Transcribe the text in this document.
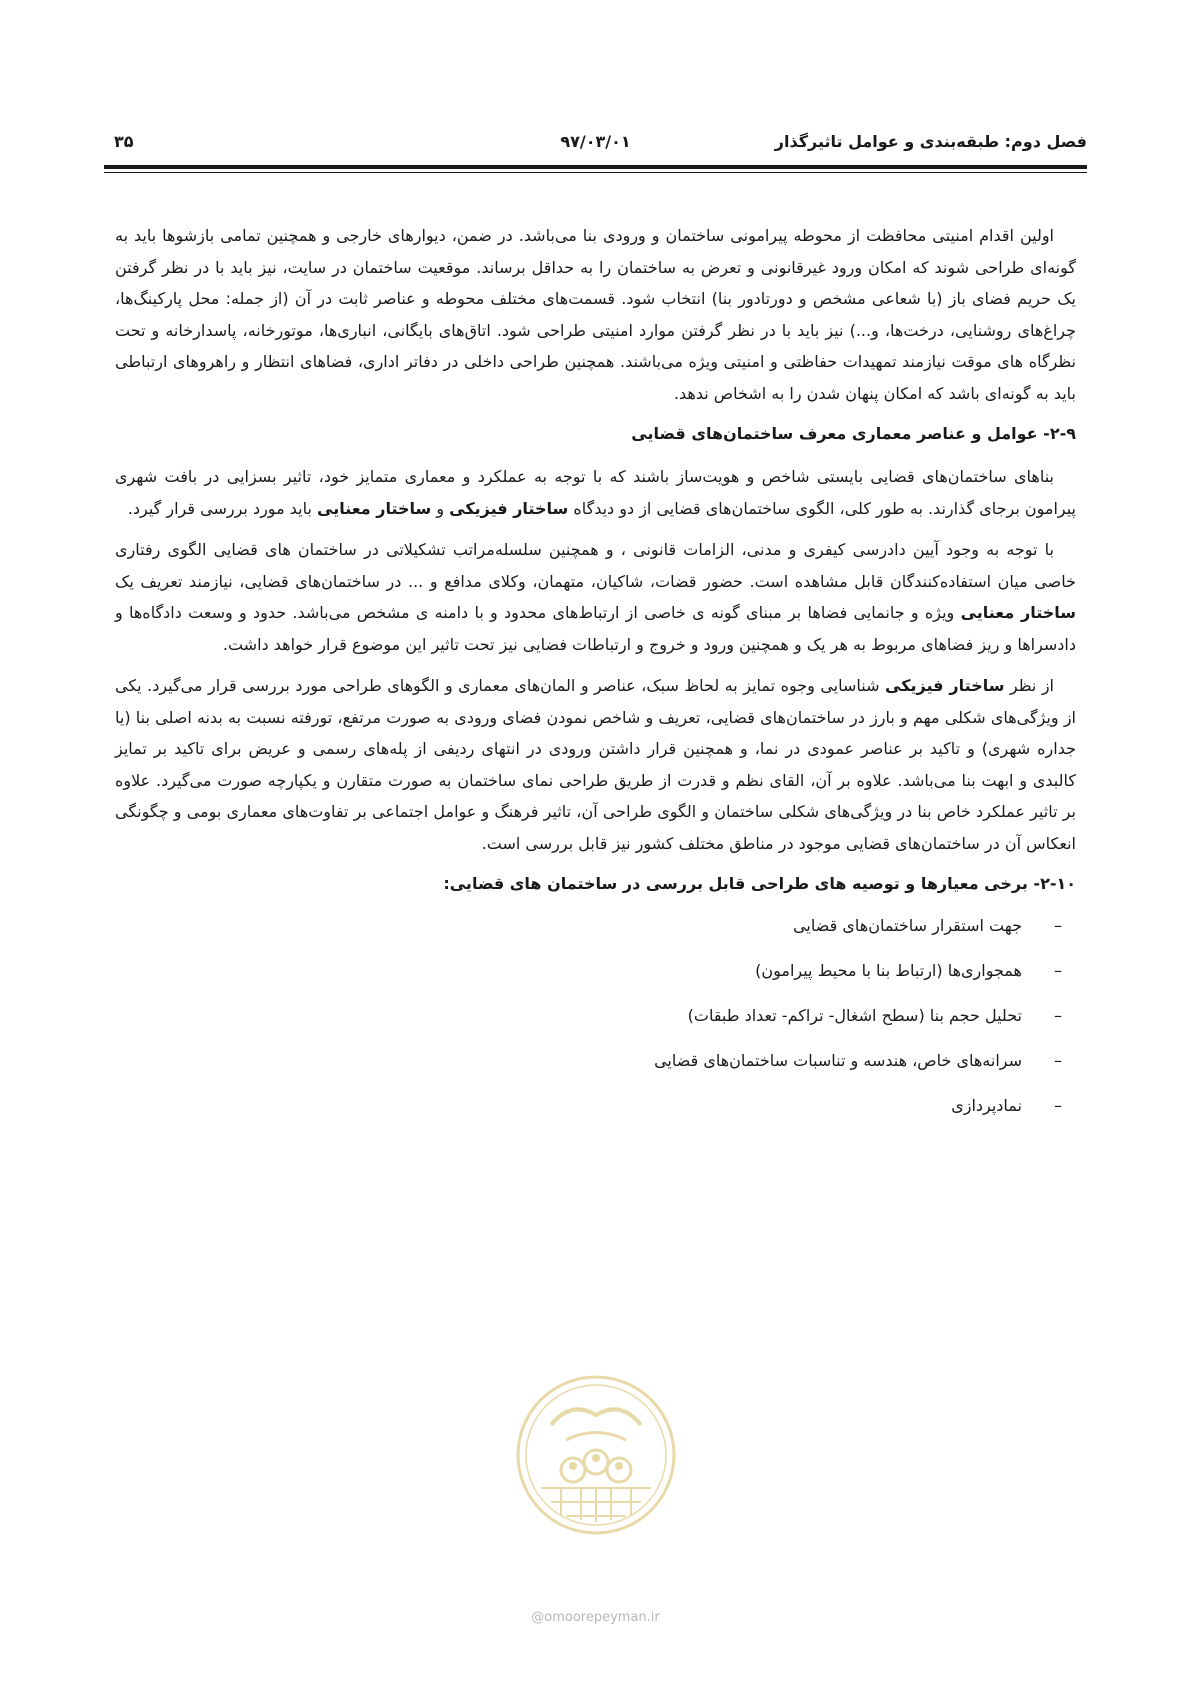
فصل دوم: طبقه‌بندی و عوامل تاثیرگذار
۹۷/۰۳/۰۱
۳۵

اولین اقدام امنیتی محافظت از محوطه پیرامونی ساختمان و ورودی بنا می‌باشد. در ضمن، دیوارهای خارجی و همچنین تمامی بازشوها باید به گونه‌ای طراحی شوند که امکان ورود غیرقانونی و تعرض به ساختمان را به حداقل برساند. موقعیت ساختمان در سایت، نیز باید با در نظر گرفتن یک حریم فضای باز (با شعاعی مشخص و دورتادور بنا) انتخاب شود. قسمت‌های مختلف محوطه و عناصر ثابت در آن (از جمله: محل پارکینگ‌ها، چراغ‌های روشنایی، درخت‌ها، و...) نیز باید با در نظر گرفتن موارد امنیتی طراحی شود. اتاق‌های بایگانی، انباری‌ها، موتورخانه، پاسدارخانه و تحت نظرگاه های موقت نیازمند تمهیدات حفاظتی و امنیتی ویژه می‌باشند. همچنین طراحی داخلی در دفاتر اداری، فضاهای انتظار و راهروهای ارتباطی باید به گونه‌ای باشد که امکان پنهان شدن را به اشخاص ندهد.

۲-۹- عوامل و عناصر معماری معرف ساختمان‌های قضایی

بناهای ساختمان‌های قضایی بایستی شاخص و هویت‌ساز باشند که با توجه به عملکرد و معماری متمایز خود، تاثیر بسزایی در بافت شهری پیرامون برجای گذارند. به طور کلی، الگوی ساختمان‌های قضایی از دو دیدگاه ساختار فیزیکی و ساختار معنایی باید مورد بررسی قرار گیرد.

با توجه به وجود آیین دادرسی کیفری و مدنی، الزامات قانونی ، و همچنین سلسله‌مراتب تشکیلاتی در ساختمان های قضایی الگوی رفتاری خاصی میان استفاده‌کنندگان قابل مشاهده است. حضور قضات، شاکیان، متهمان، وکلای مدافع و ... در ساختمان‌های قضایی، نیازمند تعریف یک ساختار معنایی ویژه و جانمایی فضاها بر مبنای گونه ی خاصی از ارتباط‌های محدود و با دامنه ی مشخص می‌باشد. حدود و وسعت دادگاه‌ها و دادسراها و ریز فضاهای مربوط به هر یک و همچنین ورود و خروج و ارتباطات فضایی نیز تحت تاثیر این موضوع قرار خواهد داشت.

از نظر ساختار فیزیکی شناسایی وجوه تمایز به لحاظ سبک، عناصر و المان‌های معماری و الگوهای طراحی مورد بررسی قرار می‌گیرد. یکی از ویژگی‌های شکلی مهم و بارز در ساختمان‌های قضایی، تعریف و شاخص نمودن فضای ورودی به صورت مرتفع، تورفته نسبت به بدنه اصلی بنا (یا جداره شهری) و تاکید بر عناصر عمودی در نما، و همچنین قرار داشتن ورودی در انتهای ردیفی از پله‌های رسمی و عریض برای تاکید بر تمایز کالبدی و ابهت بنا می‌باشد. علاوه بر آن، القای نظم و قدرت از طریق طراحی نمای ساختمان به صورت متقارن و یکپارچه صورت می‌گیرد. علاوه بر تاثیر عملکرد خاص بنا در ویژگی‌های شکلی ساختمان و الگوی طراحی آن، تاثیر فرهنگ و عوامل اجتماعی بر تفاوت‌های معماری بومی و چگونگی انعکاس آن در ساختمان‌های قضایی موجود در مناطق مختلف کشور نیز قابل بررسی است.

۲-۱۰- برخی معیارها و توصیه های طراحی قابل بررسی در ساختمان های قضایی:
–جهت استقرار ساختمان‌های قضایی
–همجواری‌ها (ارتباط بنا با محیط پیرامون)
–تحلیل حجم بنا (سطح اشغال- تراکم- تعداد طبقات)
–سرانه‌های خاص، هندسه و تناسبات ساختمان‌های قضایی
–نمادپردازی
@omoorepeyman.ir
